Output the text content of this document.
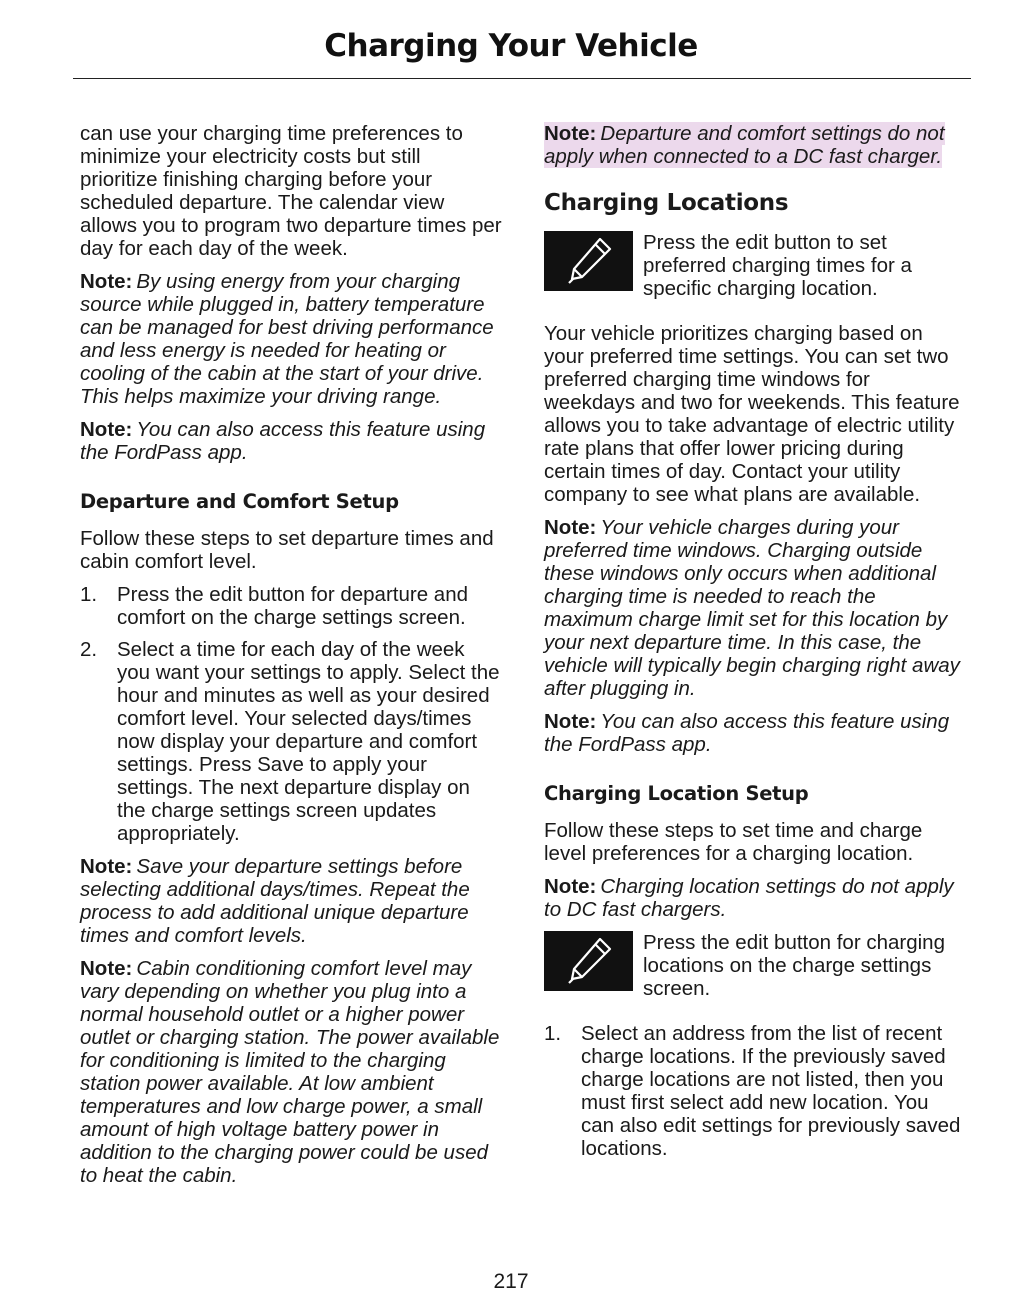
Charging Your Vehicle

can use your charging time preferences to minimize your electricity costs but still prioritize finishing charging before your scheduled departure. The calendar view allows you to program two departure times per day for each day of the week.

Note: By using energy from your charging source while plugged in, battery temperature can be managed for best driving performance and less energy is needed for heating or cooling of the cabin at the start of your drive. This helps maximize your driving range.

Note: You can also access this feature using the FordPass app.

Departure and Comfort Setup

Follow these steps to set departure times and cabin comfort level.

1. Press the edit button for departure and comfort on the charge settings screen.
2. Select a time for each day of the week you want your settings to apply. Select the hour and minutes as well as your desired comfort level. Your selected days/times now display your departure and comfort settings. Press Save to apply your settings. The next departure display on the charge settings screen updates appropriately.

Note: Save your departure settings before selecting additional days/times. Repeat the process to add additional unique departure times and comfort levels.

Note: Cabin conditioning comfort level may vary depending on whether you plug into a normal household outlet or a higher power outlet or charging station. The power available for conditioning is limited to the charging station power available. At low ambient temperatures and low charge power, a small amount of high voltage battery power in addition to the charging power could be used to heat the cabin.

Note: Departure and comfort settings do not apply when connected to a DC fast charger.

Charging Locations
Press the edit button to set preferred charging times for a specific charging location.

Your vehicle prioritizes charging based on your preferred time settings. You can set two preferred charging time windows for weekdays and two for weekends. This feature allows you to take advantage of electric utility rate plans that offer lower pricing during certain times of day. Contact your utility company to see what plans are available.

Note: Your vehicle charges during your preferred time windows. Charging outside these windows only occurs when additional charging time is needed to reach the maximum charge limit set for this location by your next departure time. In this case, the vehicle will typically begin charging right away after plugging in.

Note: You can also access this feature using the FordPass app.

Charging Location Setup

Follow these steps to set time and charge level preferences for a charging location.

Note: Charging location settings do not apply to DC fast chargers.

Press the edit button for charging locations on the charge settings screen.
1. Select an address from the list of recent charge locations. If the previously saved charge locations are not listed, then you must first select add new location. You can also edit settings for previously saved locations.
217
